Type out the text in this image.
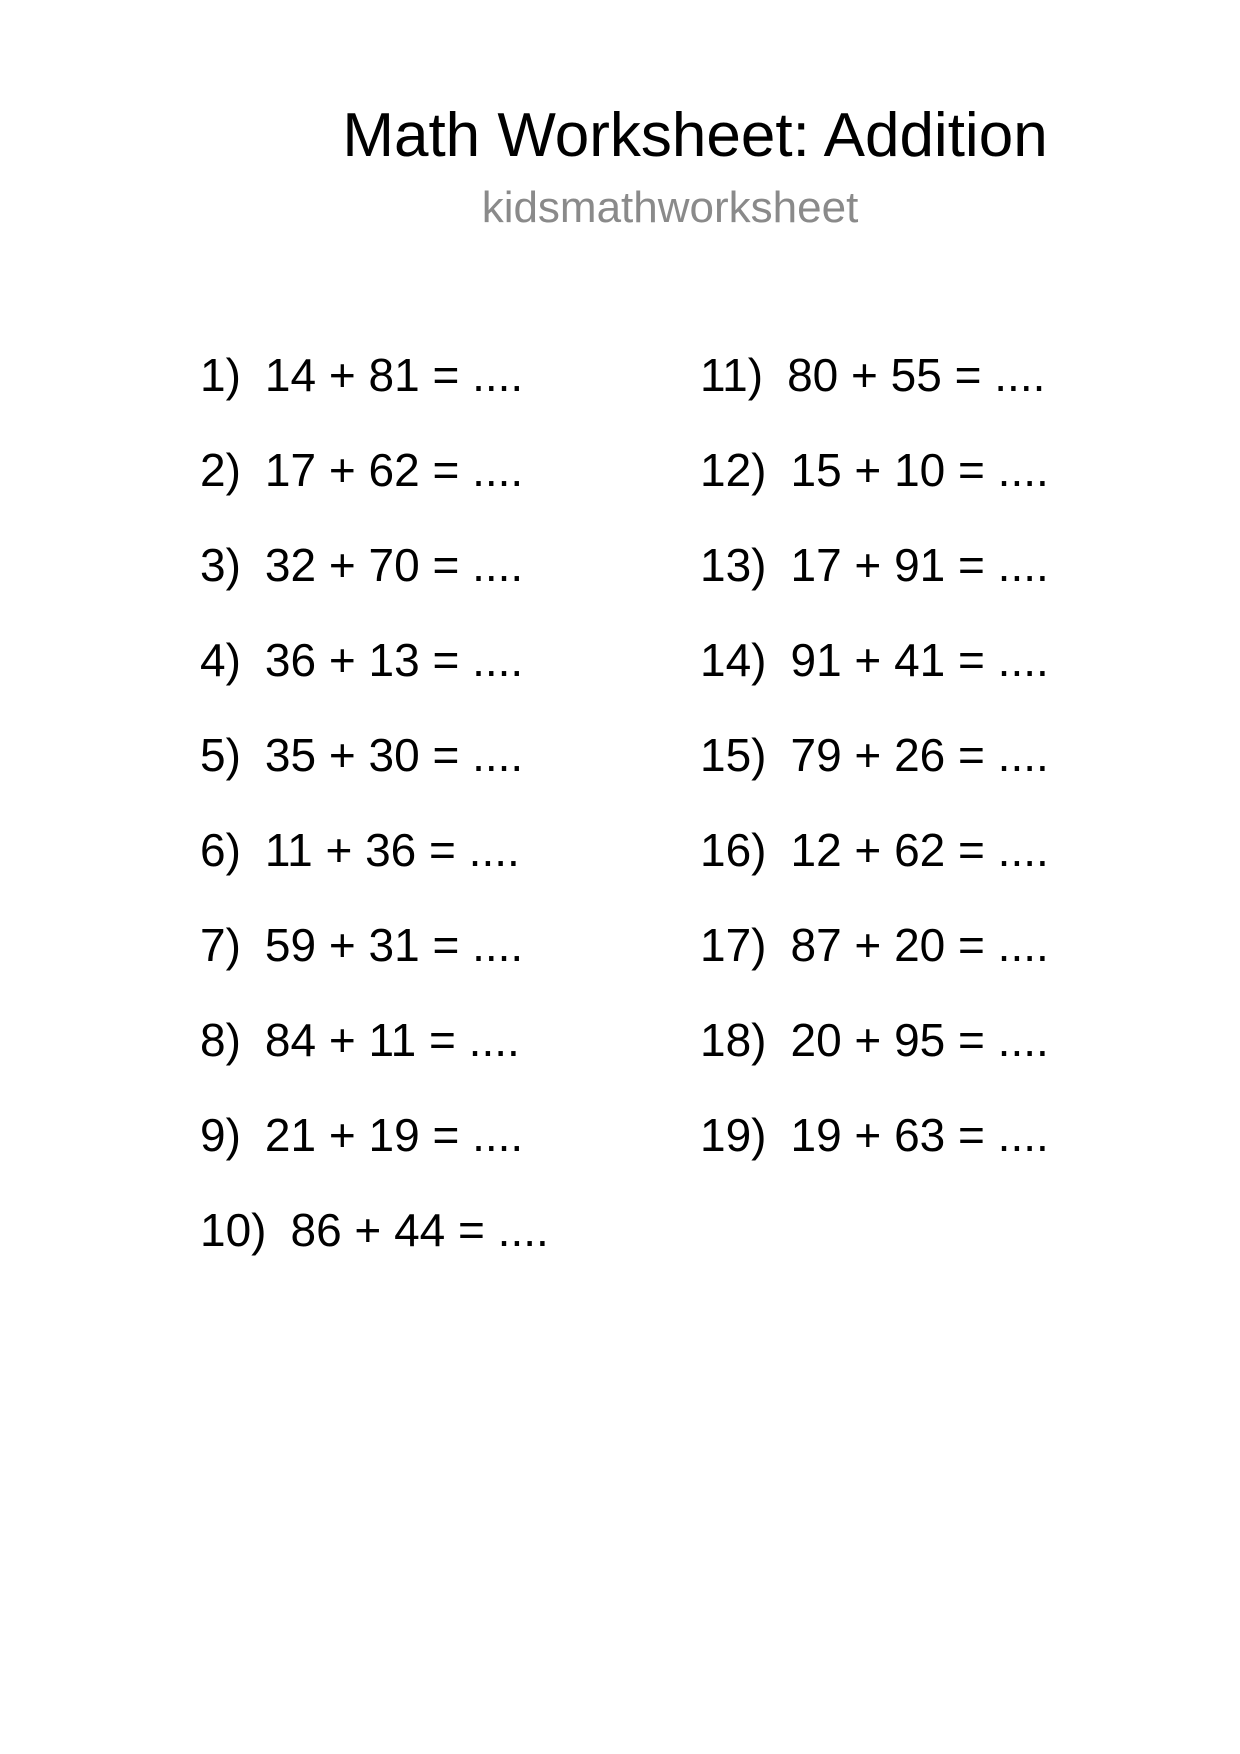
Math Worksheet: Addition
kidsmathworksheet
1) 14 + 81 = ....
2) 17 + 62 = ....
3) 32 + 70 = ....
4) 36 + 13 = ....
5) 35 + 30 = ....
6) 11 + 36 = ....
7) 59 + 31 = ....
8) 84 + 11 = ....
9) 21 + 19 = ....
10) 86 + 44 = ....
11) 80 + 55 = ....
12) 15 + 10 = ....
13) 17 + 91 = ....
14) 91 + 41 = ....
15) 79 + 26 = ....
16) 12 + 62 = ....
17) 87 + 20 = ....
18) 20 + 95 = ....
19) 19 + 63 = ....
